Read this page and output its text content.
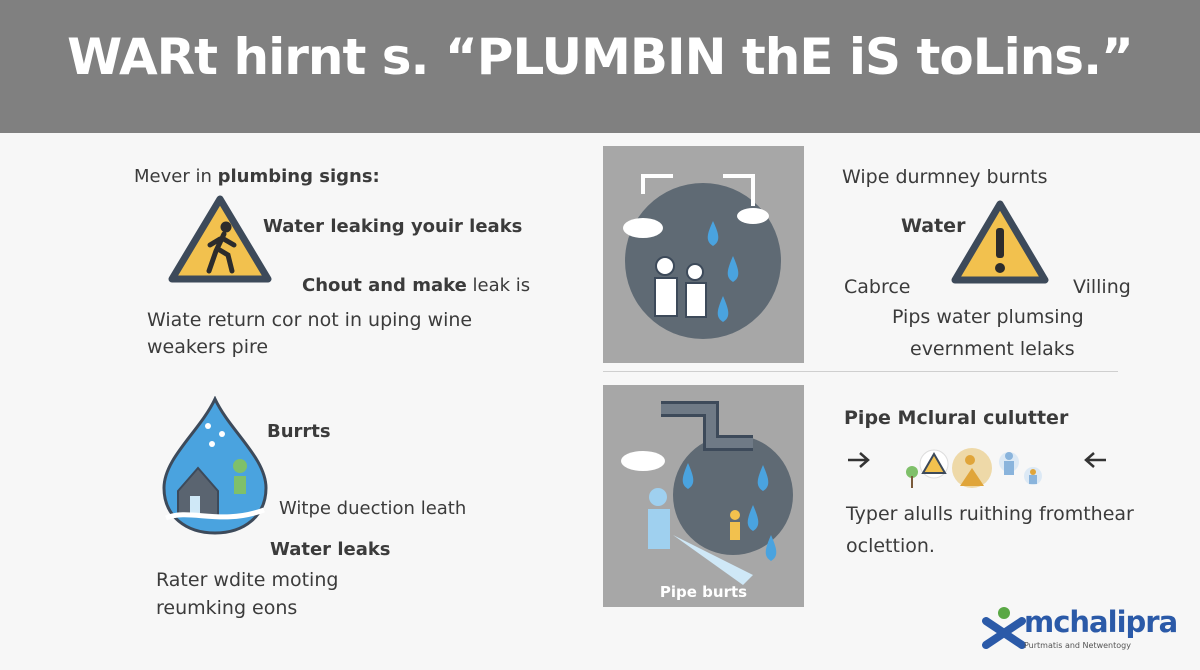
WARt hirnt s. “PLUMBIN thE iS toLins.”
Mever in plumbing signs:
Water leaking youir leaks
Chout and make leak is
Wiate return cor not in uping wine
weakers pire
Burrts
Witpe duection leath
Water leaks
Rater wdite moting
reumking eons
Wipe durmney burnts
Water
Cabrce	Villing
Pips water plumsing
evernment lelaks
Pipe burts
Pipe Mclural culutter
Typer alulls ruithing fromthear
oclettion.
mchalipra
Purtmatis and Netwentogy
